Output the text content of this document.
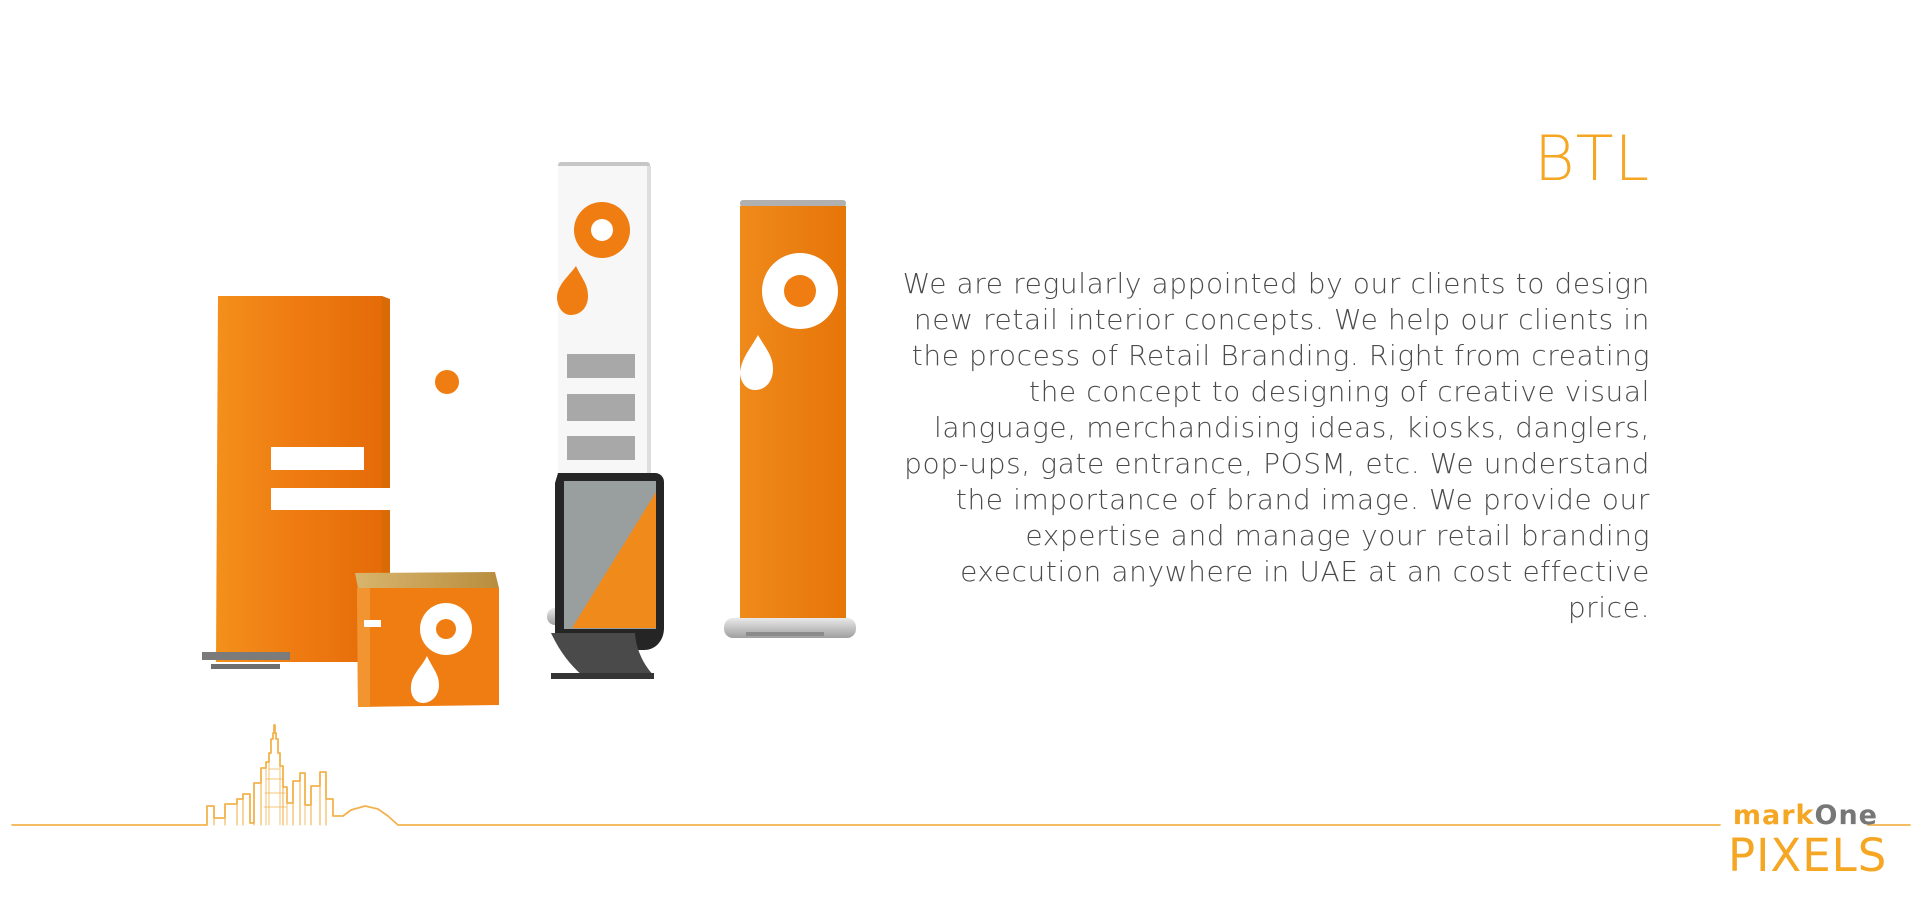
BTL

We are regularly appointed by our clients to design new retail interior concepts. We help our clients in the process of Retail Branding. Right from creating the concept to designing of creative visual language, merchandising ideas, kiosks, danglers, pop-ups, gate entrance, POSM, etc. We understand the importance of brand image. We provide our expertise and manage your retail branding execution anywhere in UAE at an cost effective price.

markOne
PIXELS
